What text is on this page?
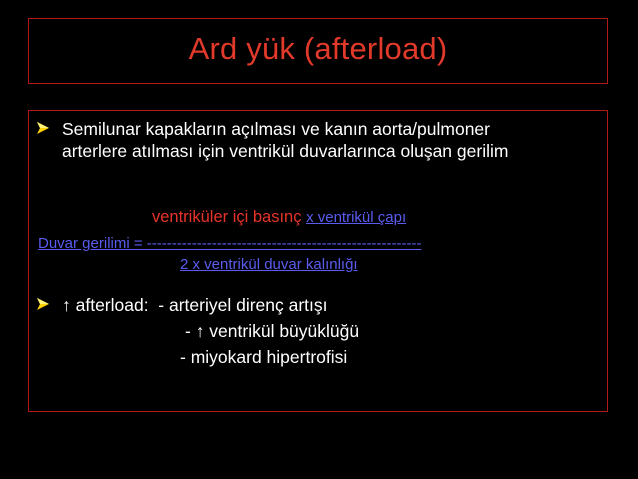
Ard yük (afterload)
Semilunar kapakların açılması ve kanın aorta/pulmoner
arterlere atılması için ventrikül duvarlarınca oluşan gerilim
ventriküler içi basınç x ventrikül çapı
Duvar gerilimi = -------------------------------------------------------
2 x ventrikül duvar kalınlığı
↑ afterload:  - arteriyel direnç artışı
- ↑ ventrikül büyüklüğü
- miyokard hipertrofisi
